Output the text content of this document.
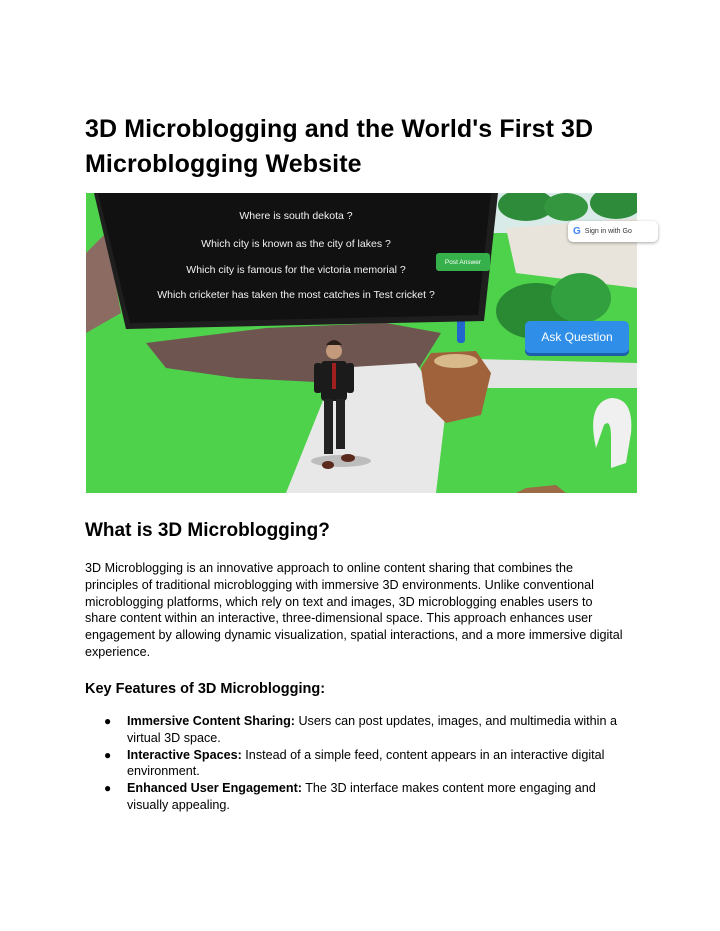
3D Microblogging and the World's First 3D Microblogging Website
Where is south dekota ?
Which city is known as the city of lakes ?
Which city is famous for the victoria memorial ?
Which cricketer has taken the most catches in Test cricket ?
Post Answer
G Sign in with Go
Ask Question
What is 3D Microblogging?

3D Microblogging is an innovative approach to online content sharing that combines the principles of traditional microblogging with immersive 3D environments. Unlike conventional microblogging platforms, which rely on text and images, 3D microblogging enables users to share content within an interactive, three-dimensional space. This approach enhances user engagement by allowing dynamic visualization, spatial interactions, and a more immersive digital experience.

Key Features of 3D Microblogging:
● Immersive Content Sharing: Users can post updates, images, and multimedia within a virtual 3D space.
● Interactive Spaces: Instead of a simple feed, content appears in an interactive digital environment.
● Enhanced User Engagement: The 3D interface makes content more engaging and visually appealing.
